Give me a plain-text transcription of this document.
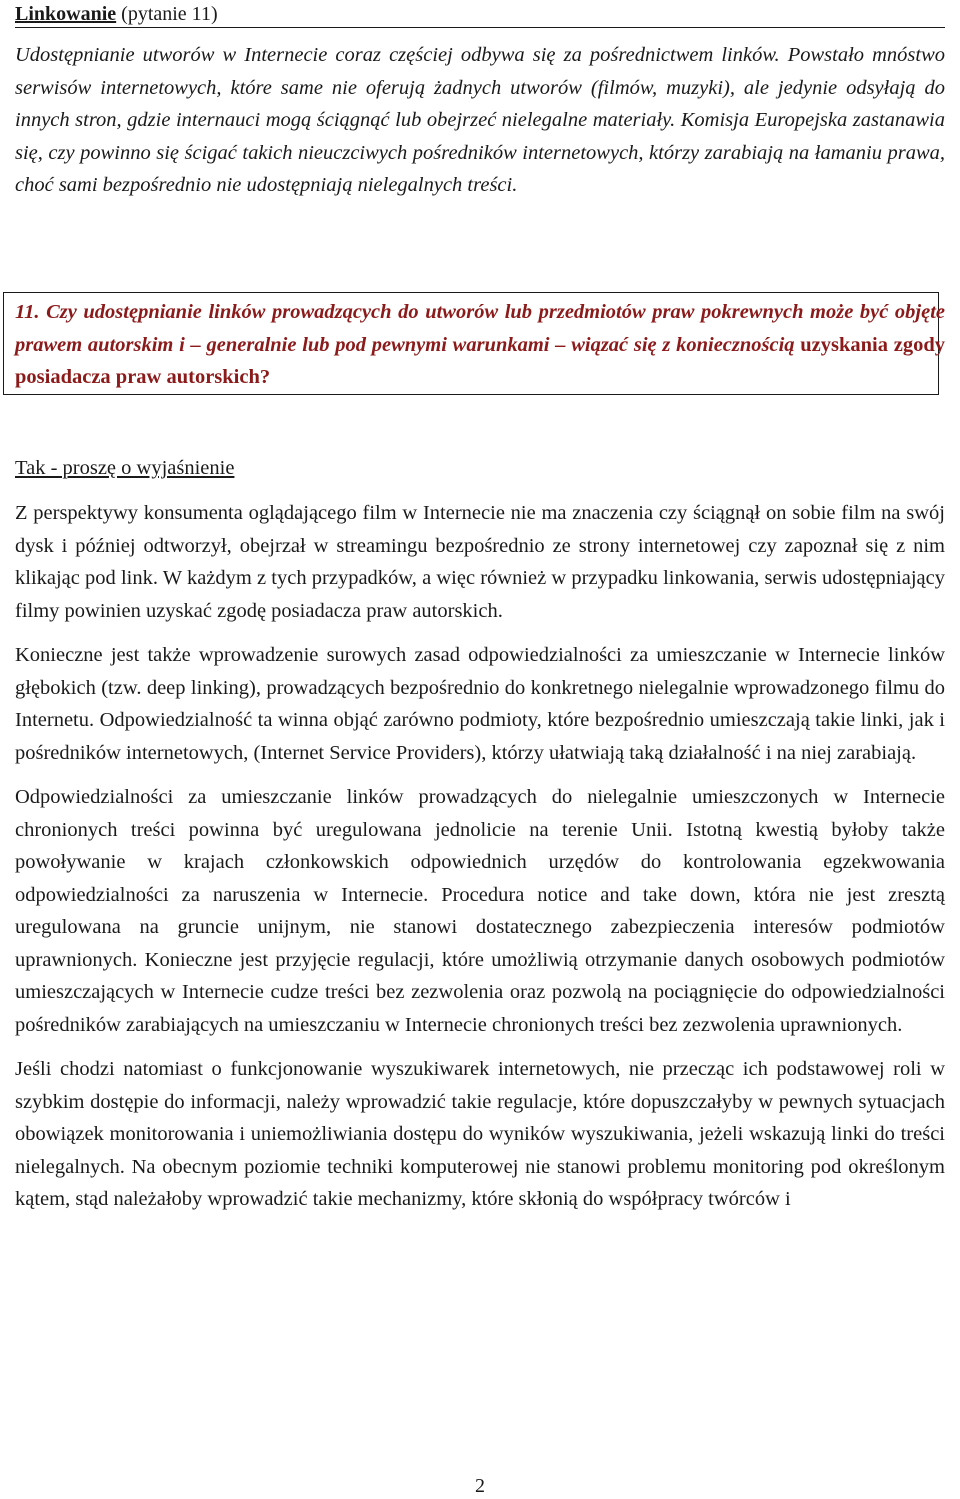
Linkowanie (pytanie 11)

Udostępnianie utworów w Internecie coraz częściej odbywa się za pośrednictwem linków. Powstało mnóstwo serwisów internetowych, które same nie oferują żadnych utworów (filmów, muzyki), ale jedynie odsyłają do innych stron, gdzie internauci mogą ściągnąć lub obejrzeć nielegalne materiały. Komisja Europejska zastanawia się, czy powinno się ścigać takich nieuczciwych pośredników internetowych, którzy zarabiają na łamaniu prawa, choć sami bezpośrednio nie udostępniają nielegalnych treści.

11. Czy udostępnianie linków prowadzących do utworów lub przedmiotów praw pokrewnych może być objęte prawem autorskim i – generalnie lub pod pewnymi warunkami – wiązać się z koniecznością uzyskania zgody posiadacza praw autorskich?

Tak - proszę o wyjaśnienie

Z perspektywy konsumenta oglądającego film w Internecie nie ma znaczenia czy ściągnął on sobie film na swój dysk i później odtworzył, obejrzał w streamingu bezpośrednio ze strony internetowej czy zapoznał się z nim klikając pod link. W każdym z tych przypadków, a więc również w przypadku linkowania, serwis udostępniający filmy powinien uzyskać zgodę posiadacza praw autorskich.

Konieczne jest także wprowadzenie surowych zasad odpowiedzialności za umieszczanie w Internecie linków głębokich (tzw. deep linking), prowadzących bezpośrednio do konkretnego nielegalnie wprowadzonego filmu do Internetu. Odpowiedzialność ta winna objąć zarówno podmioty, które bezpośrednio umieszczają takie linki, jak i pośredników internetowych, (Internet Service Providers), którzy ułatwiają taką działalność i na niej zarabiają.

Odpowiedzialności za umieszczanie linków prowadzących do nielegalnie umieszczonych w Internecie chronionych treści powinna być uregulowana jednolicie na terenie Unii. Istotną kwestią byłoby także powoływanie w krajach członkowskich odpowiednich urzędów do kontrolowania egzekwowania odpowiedzialności za naruszenia w Internecie. Procedura notice and take down, która nie jest zresztą uregulowana na gruncie unijnym, nie stanowi dostatecznego zabezpieczenia interesów podmiotów uprawnionych. Konieczne jest przyjęcie regulacji, które umożliwią otrzymanie danych osobowych podmiotów umieszczających w Internecie cudze treści bez zezwolenia oraz pozwolą na pociągnięcie do odpowiedzialności pośredników zarabiających na umieszczaniu w Internecie chronionych treści bez zezwolenia uprawnionych.

Jeśli chodzi natomiast o funkcjonowanie wyszukiwarek internetowych, nie przecząc ich podstawowej roli w szybkim dostępie do informacji, należy wprowadzić takie regulacje, które dopuszczałyby w pewnych sytuacjach obowiązek monitorowania i uniemożliwiania dostępu do wyników wyszukiwania, jeżeli wskazują linki do treści nielegalnych. Na obecnym poziomie techniki komputerowej nie stanowi problemu monitoring pod określonym kątem, stąd należałoby wprowadzić takie mechanizmy, które skłonią do współpracy twórców i

2
